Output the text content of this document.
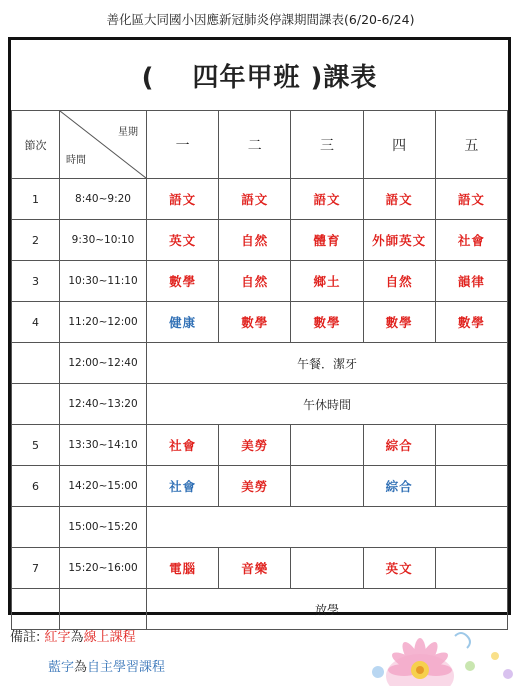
善化區大同國小因應新冠肺炎停課期間課表(6/20-6/24)
( 四年甲班 )課表						
節次	星期
時間	一	二	三	四	五
1	8:40~9:20	語文	語文	語文	語文	語文
2	9:30~10:10	英文	自然	體育	外師英文	社會
3	10:30~11:10	數學	自然	鄉土	自然	韻律
4	11:20~12:00	健康	數學	數學	數學	數學
	12:00~12:40	午餐．潔牙				
	12:40~13:20	午休時間				
5	13:30~14:10	社會	美勞		綜合	
6	14:20~15:00	社會	美勞		綜合	
	15:00~15:20					
7	15:20~16:00	電腦	音樂		英文	
		放學				
備註: 紅字為線上課程
藍字為自主學習課程
